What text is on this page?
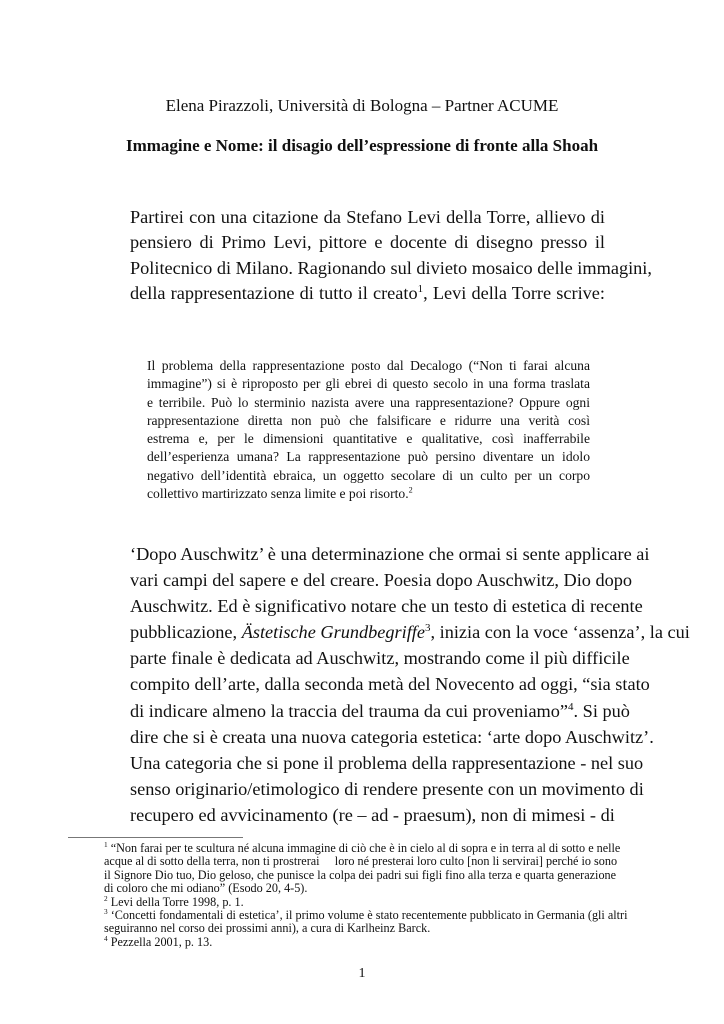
Elena Pirazzoli, Università di Bologna – Partner ACUME
Immagine e Nome: il disagio dell’espressione di fronte alla Shoah
Partirei con una citazione da Stefano Levi della Torre, allievo di
pensiero di Primo Levi, pittore e docente di disegno presso il
Politecnico di Milano. Ragionando sul divieto mosaico delle immagini,
della rappresentazione di tutto il creato$^1$, Levi della Torre scrive:
Il problema della rappresentazione posto dal Decalogo (“Non ti farai alcuna
immagine”) si è riproposto per gli ebrei di questo secolo in una forma traslata
e terribile. Può lo sterminio nazista avere una rappresentazione? Oppure ogni
rappresentazione diretta non può che falsificare e ridurre una verità così
estrema e, per le dimensioni quantitative e qualitative, così inafferrabile
dell’esperienza umana? La rappresentazione può persino diventare un idolo
negativo dell’identità ebraica, un oggetto secolare di un culto per un corpo
collettivo martirizzato senza limite e poi risorto.$^2$
‘Dopo Auschwitz’ è una determinazione che ormai si sente applicare ai
vari campi del sapere e del creare. Poesia dopo Auschwitz, Dio dopo
Auschwitz. Ed è significativo notare che un testo di estetica di recente
pubblicazione, Ästetische Grundbegriffe$^3$, inizia con la voce ‘assenza’, la cui
parte finale è dedicata ad Auschwitz, mostrando come il più difficile
compito dell’arte, dalla seconda metà del Novecento ad oggi, “sia stato
di indicare almeno la traccia del trauma da cui proveniamo”$^4$. Si può
dire che si è creata una nuova categoria estetica: ‘arte dopo Auschwitz’.
Una categoria che si pone il problema della rappresentazione - nel suo
senso originario/etimologico di rendere presente con un movimento di
recupero ed avvicinamento (re – ad - praesum), non di mimesi - di
$^1$ “Non farai per te scultura né alcuna immagine di ciò che è in cielo al di sopra e in terra al di sotto e nelle
acque al di sotto della terra, non ti prostrerai     loro né presterai loro culto [non li servirai] perché io sono
il Signore Dio tuo, Dio geloso, che punisce la colpa dei padri sui figli fino alla terza e quarta generazione
di coloro che mi odiano” (Esodo 20, 4-5).
$^2$ Levi della Torre 1998, p. 1.
$^3$ ‘Concetti fondamentali di estetica’, il primo volume è stato recentemente pubblicato in Germania (gli altri
seguiranno nel corso dei prossimi anni), a cura di Karlheinz Barck.
$^4$ Pezzella 2001, p. 13.
1
